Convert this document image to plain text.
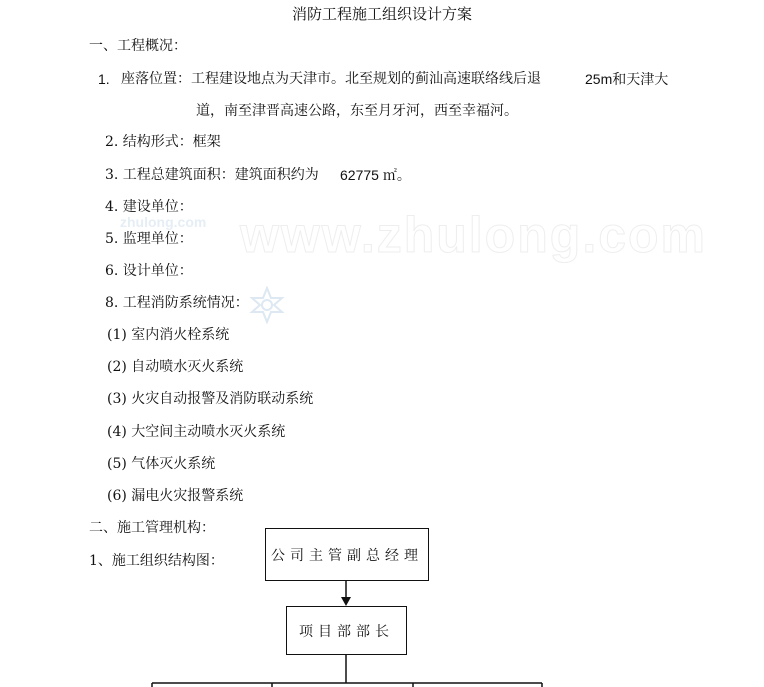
消防工程施工组织设计方案
zhulong.com www.zhulong.com
一、工程概况：
1. 座落位置：工程建设地点为天津市。北至规划的蓟汕高速联络线后退	25m和天津大
道，南至津晋高速公路，东至月牙河，西至幸福河。
2. 结构形式：框架
3. 工程总建筑面积：建筑面积约为 62775 ㎡。
4. 建设单位：
5. 监理单位：
6. 设计单位：
8. 工程消防系统情况：
(1) 室内消火栓系统
(2) 自动喷水灭火系统
(3) 火灾自动报警及消防联动系统
(4) 大空间主动喷水灭火系统
(5) 气体灭火系统
(6) 漏电火灾报警系统
二、施工管理机构：
1、施工组织结构图：	公司主管副总经理
项目部部长
